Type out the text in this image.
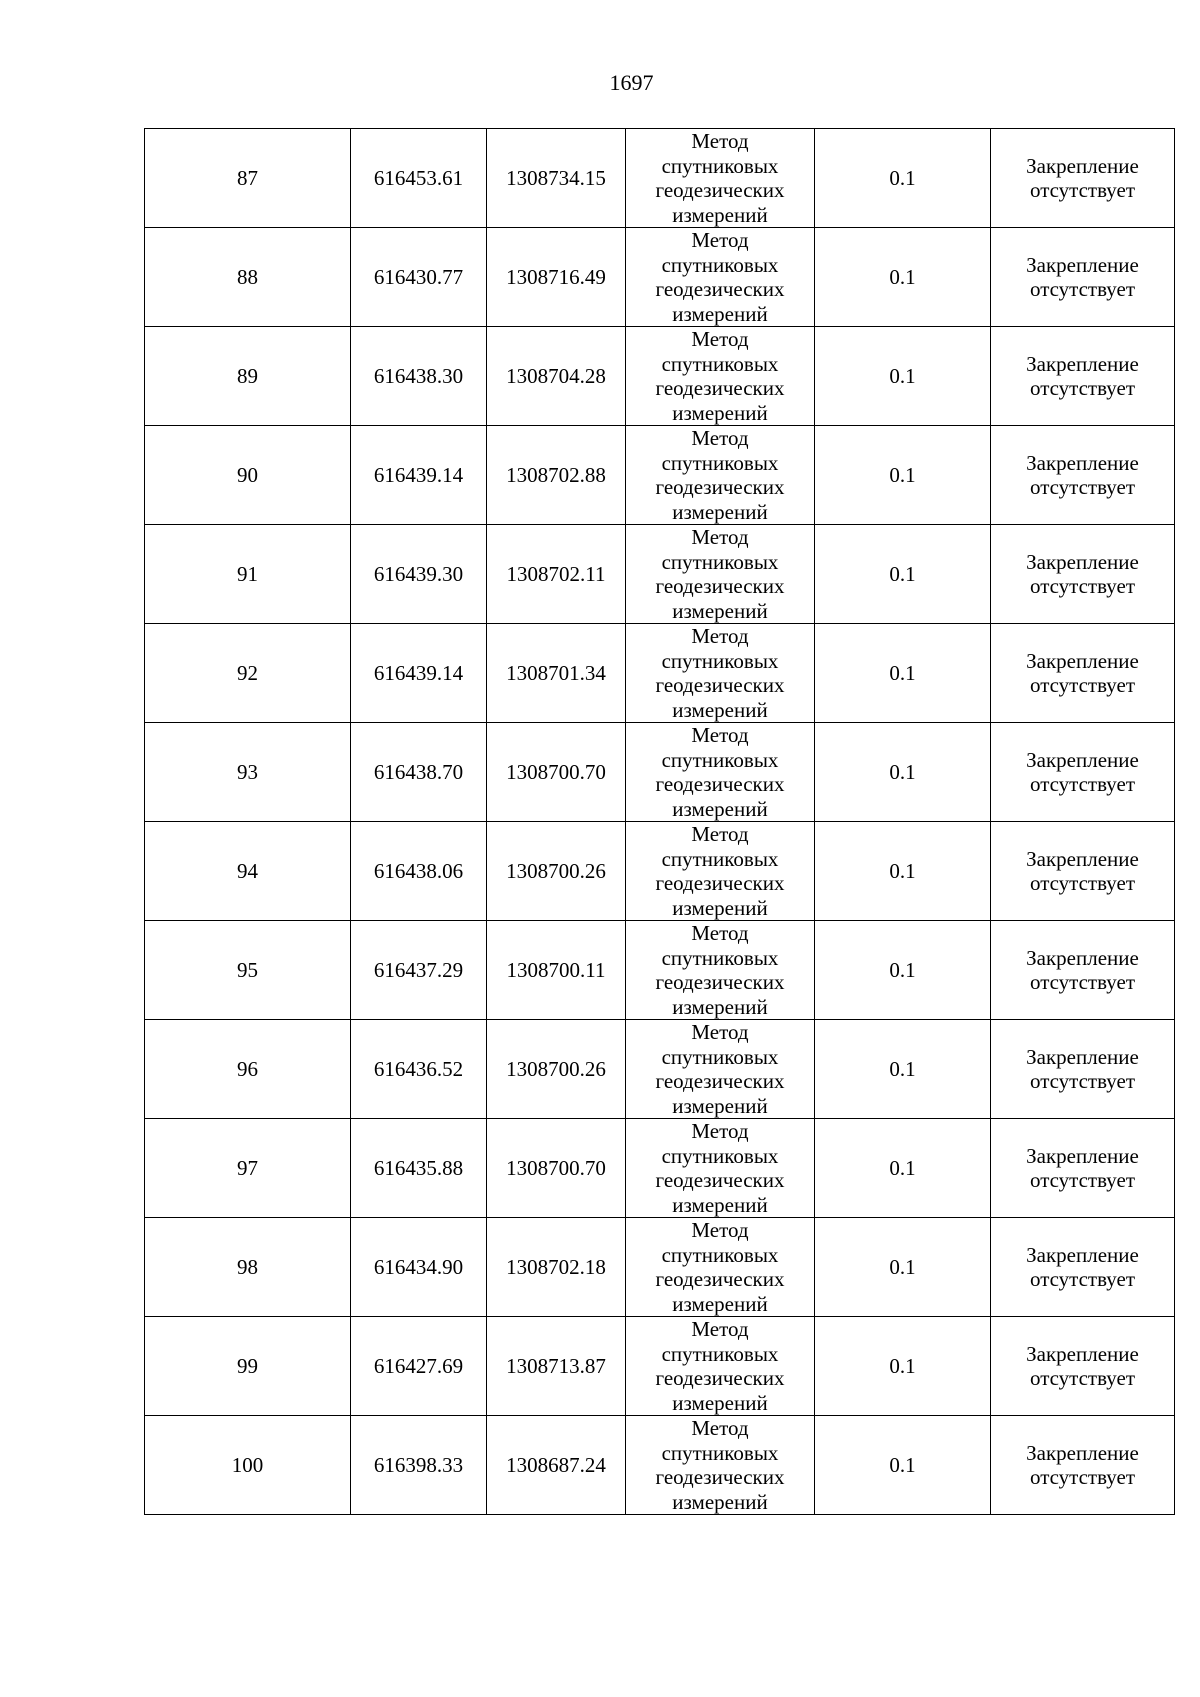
1697
87	616453.61	1308734.15	Метод
спутниковых
геодезических
измерений	0.1	Закрепление
отсутствует

88	616430.77	1308716.49	Метод
спутниковых
геодезических
измерений	0.1	Закрепление
отсутствует

89	616438.30	1308704.28	Метод
спутниковых
геодезических
измерений	0.1	Закрепление
отсутствует

90	616439.14	1308702.88	Метод
спутниковых
геодезических
измерений	0.1	Закрепление
отсутствует

91	616439.30	1308702.11	Метод
спутниковых
геодезических
измерений	0.1	Закрепление
отсутствует

92	616439.14	1308701.34	Метод
спутниковых
геодезических
измерений	0.1	Закрепление
отсутствует

93	616438.70	1308700.70	Метод
спутниковых
геодезических
измерений	0.1	Закрепление
отсутствует

94	616438.06	1308700.26	Метод
спутниковых
геодезических
измерений	0.1	Закрепление
отсутствует

95	616437.29	1308700.11	Метод
спутниковых
геодезических
измерений	0.1	Закрепление
отсутствует

96	616436.52	1308700.26	Метод
спутниковых
геодезических
измерений	0.1	Закрепление
отсутствует

97	616435.88	1308700.70	Метод
спутниковых
геодезических
измерений	0.1	Закрепление
отсутствует

98	616434.90	1308702.18	Метод
спутниковых
геодезических
измерений	0.1	Закрепление
отсутствует

99	616427.69	1308713.87	Метод
спутниковых
геодезических
измерений	0.1	Закрепление
отсутствует

100	616398.33	1308687.24	Метод
спутниковых
геодезических
измерений	0.1	Закрепление
отсутствует
